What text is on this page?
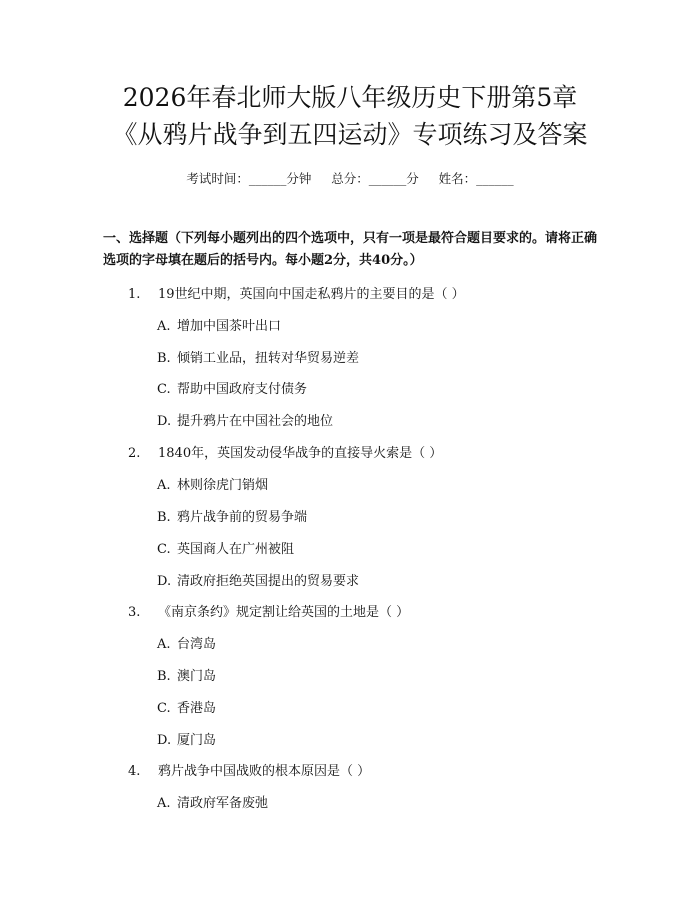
2026年春北师大版八年级历史下册第5章
《从鸦片战争到五四运动》专项练习及答案
考试时间：______分钟     总分：______分     姓名：______
一、选择题（下列每小题列出的四个选项中，只有一项是最符合题目要求的。请将正确选项的字母填在题后的括号内。每小题2分，共40分。）
1. 19世纪中期，英国向中国走私鸦片的主要目的是（ ）
A. 增加中国茶叶出口
B. 倾销工业品，扭转对华贸易逆差
C. 帮助中国政府支付债务
D. 提升鸦片在中国社会的地位
2. 1840年，英国发动侵华战争的直接导火索是（ ）
A. 林则徐虎门销烟
B. 鸦片战争前的贸易争端
C. 英国商人在广州被阻
D. 清政府拒绝英国提出的贸易要求
3. 《南京条约》规定割让给英国的土地是（ ）
A. 台湾岛
B. 澳门岛
C. 香港岛
D. 厦门岛
4. 鸦片战争中国战败的根本原因是（ ）
A. 清政府军备废弛
